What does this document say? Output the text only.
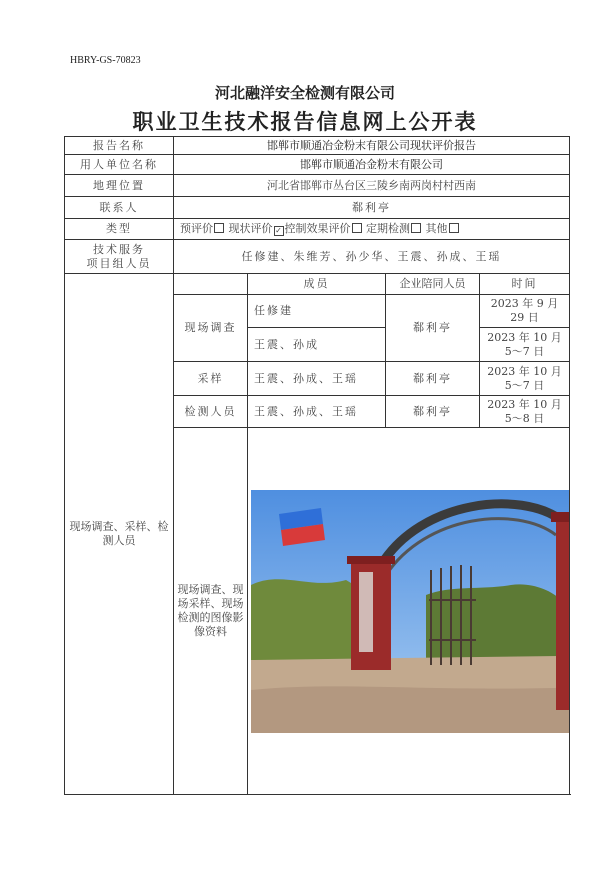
HBRY-GS-70823
河北融洋安全检测有限公司
职业卫生技术报告信息网上公开表
报告名称	邯郸市顺通冶金粉末有限公司现状评价报告			
用人单位名称	邯郸市顺通冶金粉末有限公司			
地理位置	河北省邯郸市丛台区三陵乡南两岗村村西南			
联系人	郗利亭			
类型	预评价 现状评价 ✓ 控制效果评价 定期检测 其他			
技术服务
项目组人员	任修建、朱维芳、孙少华、王震、孙成、王瑶			
现场调查、采样、检测人员		成员	企业陪同人员	时间
	现场调查	任修建	郗利亭	2023 年 9 月 29 日
		王震、孙成		2023 年 10 月 5～7 日
	采样	王震、孙成、王瑶	郗利亭	2023 年 10 月 5～7 日
	检测人员	王震、孙成、王瑶	郗利亭	2023 年 10 月 5～8 日
	现场调查、现场采样、现场检测的图像影像资料	
